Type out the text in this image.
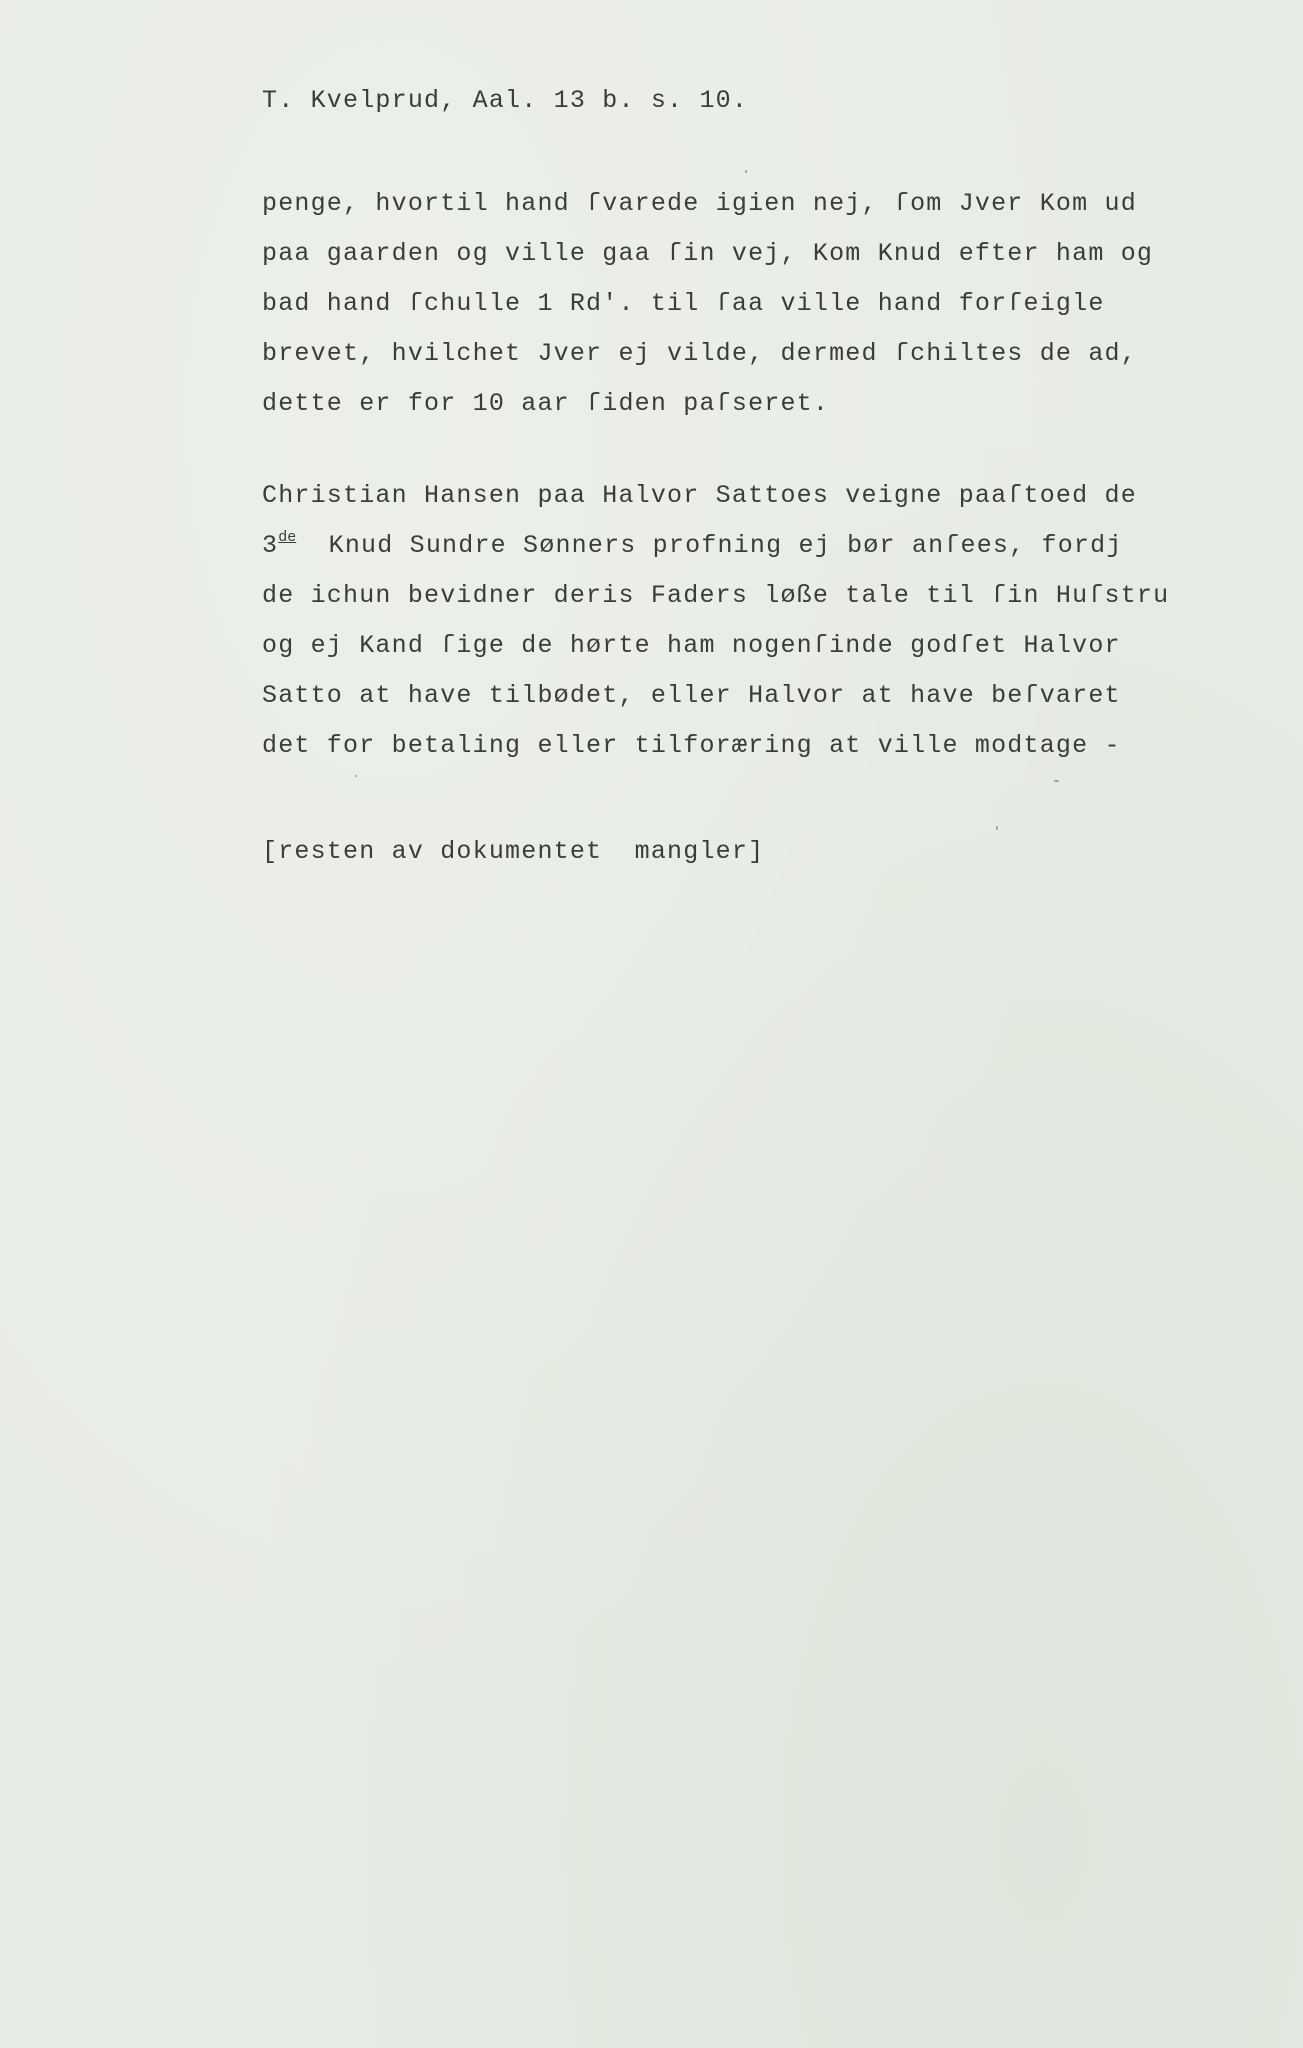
T. Kvelprud, Aal. 13 b. s. 10.
penge, hvortil hand ſvarede igien nej, ſom Jver Kom ud
paa gaarden og ville gaa ſin vej, Kom Knud efter ham og
bad hand ſchulle 1 Rd'. til ſaa ville hand forſeigle
brevet, hvilchet Jver ej vilde, dermed ſchiltes de ad,
dette er for 10 aar ſiden paſseret.
Christian Hansen paa Halvor Sattoes veigne paaſtoed de
3de  Knud Sundre Sønners profning ej bør anſees, fordj
de ichun bevidner deris Faders løße tale til ſin Huſstru
og ej Kand ſige de hørte ham nogenſinde godſet Halvor
Satto at have tilbødet, eller Halvor at have beſvaret
det for betaling eller tilforæring at ville modtage -
[resten av dokumentet  mangler]
